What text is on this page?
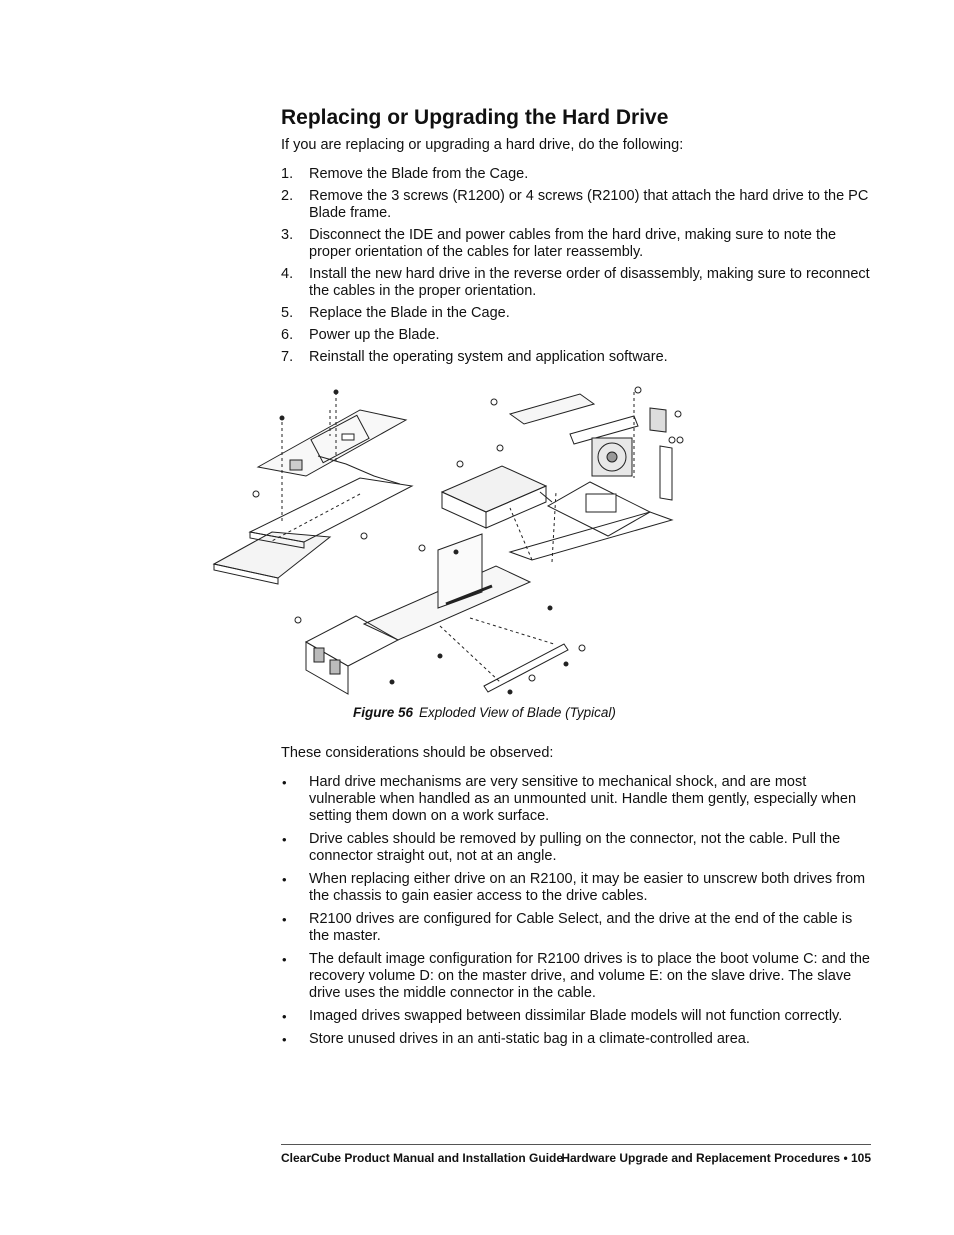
Replacing or Upgrading the Hard Drive

If you are replacing or upgrading a hard drive, do the following:

1. Remove the Blade from the Cage.
2. Remove the 3 screws (R1200) or 4 screws (R2100) that attach the hard drive to the PC Blade frame.
3. Disconnect the IDE and power cables from the hard drive, making sure to note the proper orientation of the cables for later reassembly.
4. Install the new hard drive in the reverse order of disassembly, making sure to reconnect the cables in the proper orientation.
5. Replace the Blade in the Cage.
6. Power up the Blade.
7. Reinstall the operating system and application software.
Figure 56 Exploded View of Blade (Typical)

These considerations should be observed:

• Hard drive mechanisms are very sensitive to mechanical shock, and are most vulnerable when handled as an unmounted unit. Handle them gently, especially when setting them down on a work surface.
• Drive cables should be removed by pulling on the connector, not the cable. Pull the connector straight out, not at an angle.
• When replacing either drive on an R2100, it may be easier to unscrew both drives from the chassis to gain easier access to the drive cables.
• R2100 drives are configured for Cable Select, and the drive at the end of the cable is the master.
• The default image configuration for R2100 drives is to place the boot volume C: and the recovery volume D: on the master drive, and volume E: on the slave drive. The slave drive uses the middle connector in the cable.
• Imaged drives swapped between dissimilar Blade models will not function correctly.
• Store unused drives in an anti-static bag in a climate-controlled area.
ClearCube Product Manual and Installation Guide
Hardware Upgrade and Replacement Procedures • 105
